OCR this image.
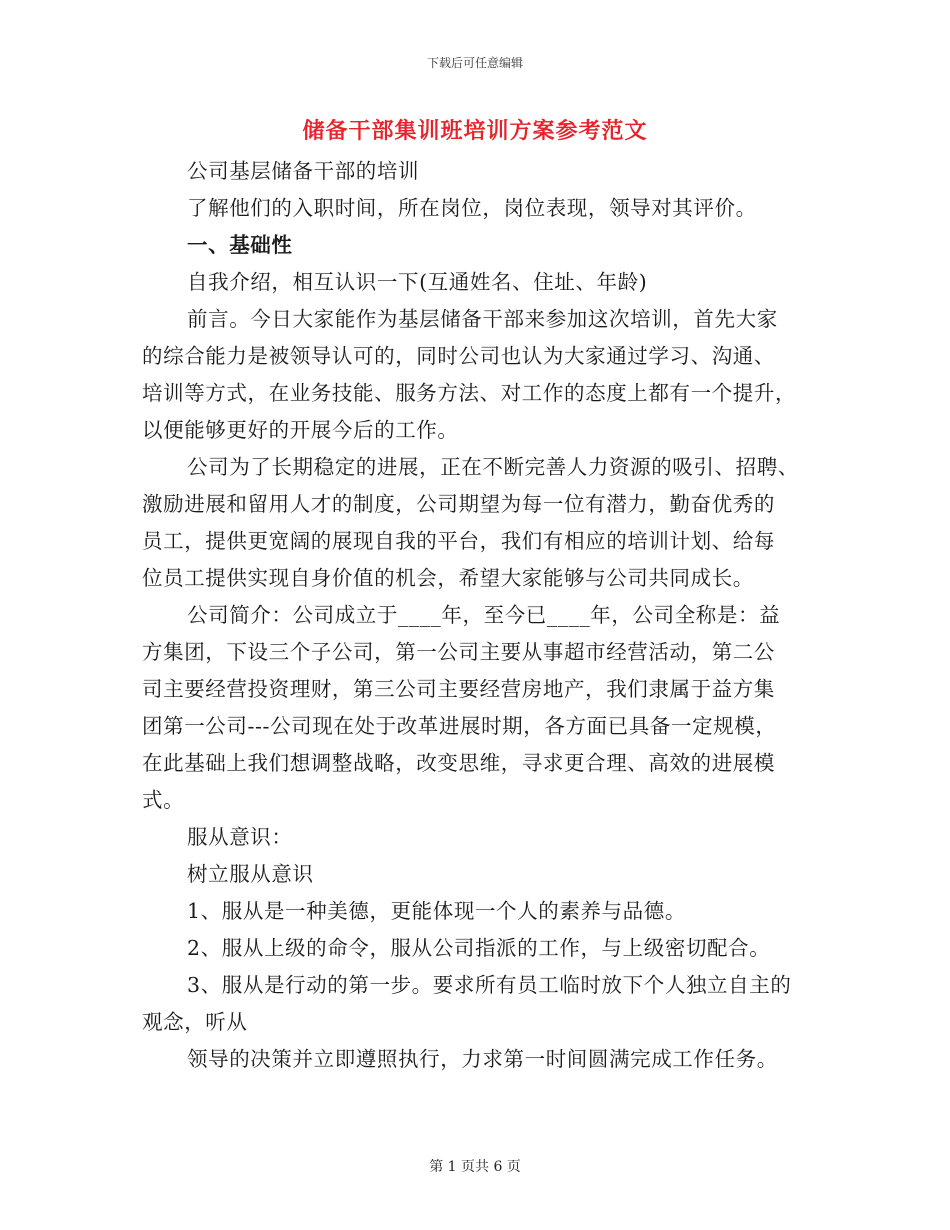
下载后可任意编辑
储备干部集训班培训方案参考范文
公司基层储备干部的培训
了解他们的入职时间，所在岗位，岗位表现，领导对其评价。
一、基础性
自我介绍，相互认识一下(互通姓名、住址、年龄)
前言。今日大家能作为基层储备干部来参加这次培训，首先大家
的综合能力是被领导认可的，同时公司也认为大家通过学习、沟通、
培训等方式，在业务技能、服务方法、对工作的态度上都有一个提升，
以便能够更好的开展今后的工作。
公司为了长期稳定的进展，正在不断完善人力资源的吸引、招聘、
激励进展和留用人才的制度，公司期望为每一位有潜力，勤奋优秀的
员工，提供更宽阔的展现自我的平台，我们有相应的培训计划、给每
位员工提供实现自身价值的机会，希望大家能够与公司共同成长。
公司简介：公司成立于____年，至今已____年，公司全称是：益
方集团，下设三个子公司，第一公司主要从事超市经营活动，第二公
司主要经营投资理财，第三公司主要经营房地产，我们隶属于益方集
团第一公司---公司现在处于改革进展时期，各方面已具备一定规模，
在此基础上我们想调整战略，改变思维，寻求更合理、高效的进展模
式。
服从意识：
树立服从意识
1、服从是一种美德，更能体现一个人的素养与品德。
2、服从上级的命令，服从公司指派的工作，与上级密切配合。
3、服从是行动的第一步。要求所有员工临时放下个人独立自主的
观念，听从
领导的决策并立即遵照执行，力求第一时间圆满完成工作任务。
第 1 页共 6 页
